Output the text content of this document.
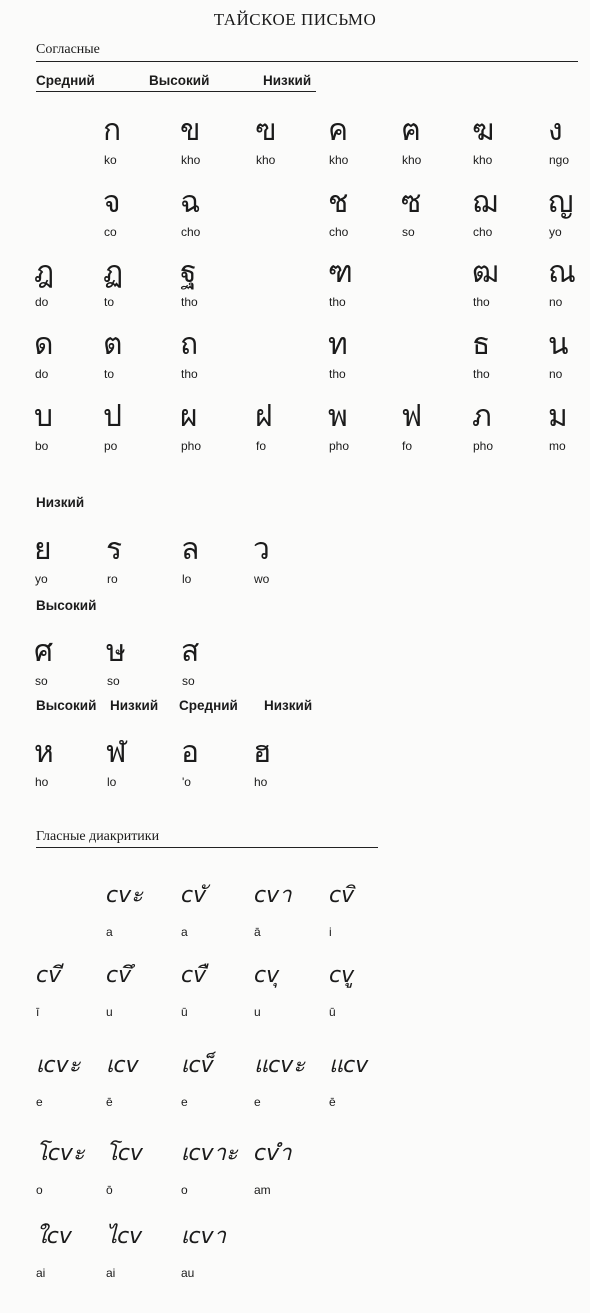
ТАЙСКОЕ ПИСЬМО
Согласные
Средний	Высокий	Низкий
ก
ko
ข
kho
ฃ
kho
ค
kho
ฅ
kho
ฆ
kho
ง
ngo
จ
co
ฉ
cho
ช
cho
ซ
so
ฌ
cho
ญ
yo
ฎ
do
ฏ
to
ฐ
tho
ฑ
tho
ฒ
tho
ณ
no
ด
do
ต
to
ถ
tho
ท
tho
ธ
tho
น
no
บ
bo
ป
po
ผ
pho
ฝ
fo
พ
pho
ฟ
fo
ภ
pho
ม
mo
Низкий
ย
yo
ร
ro
ล
lo
ว
wo
Высокий
ศ
so
ษ
so
ส
so
Высокий Низкий Средний Низкий
ห
ho
ฬ
lo
อ
'o
ฮ
ho
Гласные диакритики
cvะ
a
cvั
a
cvา
ā
cvิ
i
cvี
ī
cvึ
u
cvื
ū
cvุ
u
cvู
ū
เcvะ
e
เcv
ē
เcv็
e
แcvะ
e
แcv
ē
โcvะ
o
โcv
ō
เcvาะ
o
cvำ
am
ใcv
ai
ไcv
ai
เcvา
au
